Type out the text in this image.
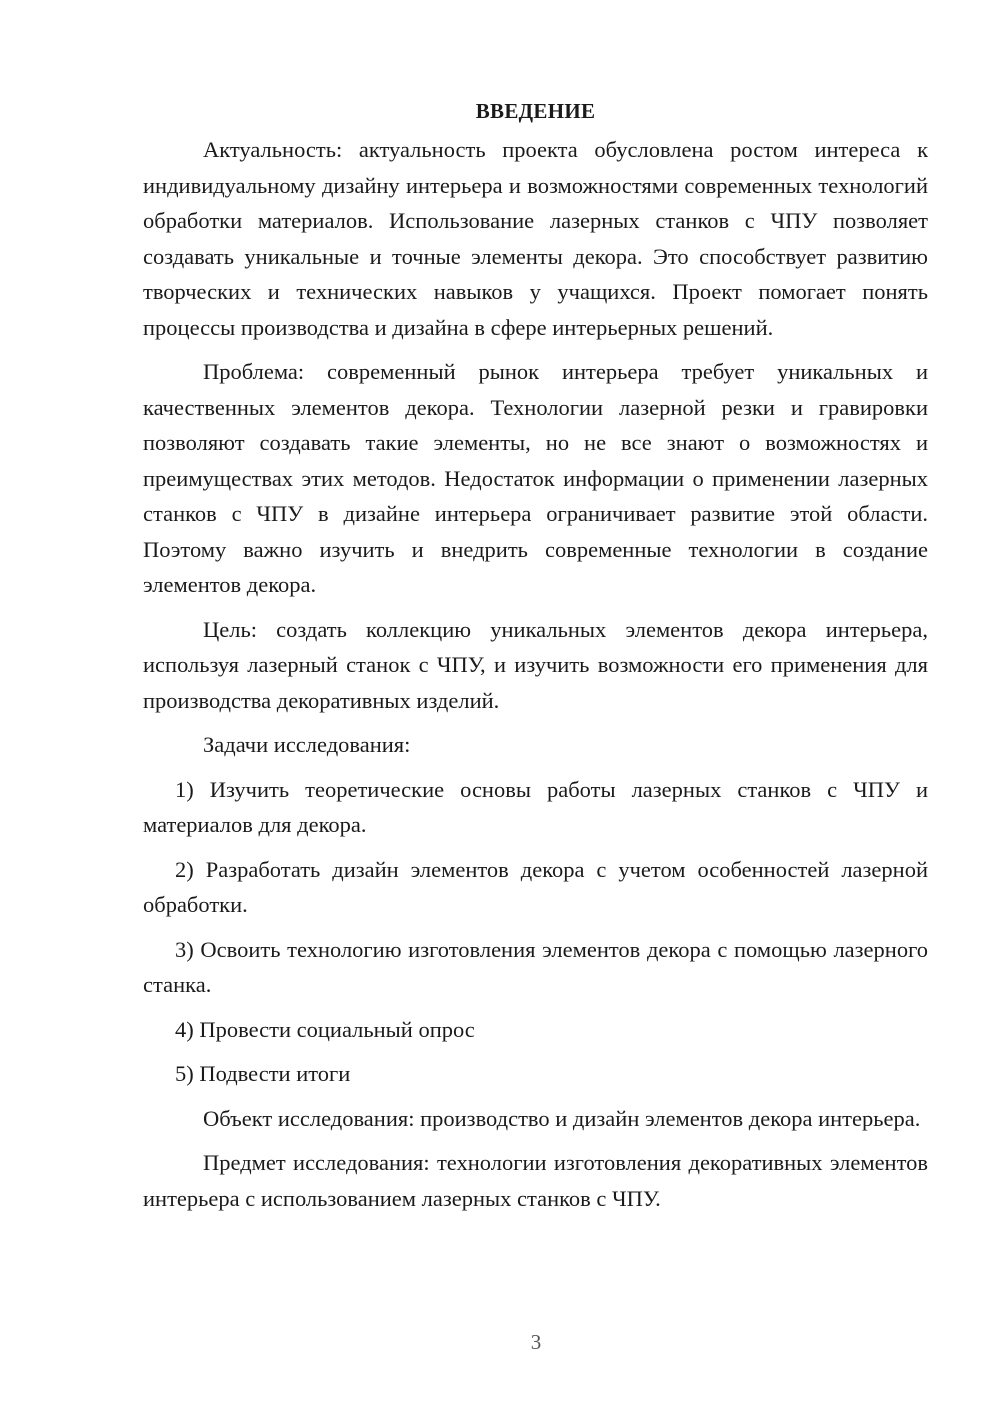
ВВЕДЕНИЕ

Актуальность: актуальность проекта обусловлена ростом интереса к индивидуальному дизайну интерьера и возможностями современных технологий обработки материалов. Использование лазерных станков с ЧПУ позволяет создавать уникальные и точные элементы декора. Это способствует развитию творческих и технических навыков у учащихся. Проект помогает понять процессы производства и дизайна в сфере интерьерных решений.

Проблема: современный рынок интерьера требует уникальных и качественных элементов декора. Технологии лазерной резки и гравировки позволяют создавать такие элементы, но не все знают о возможностях и преимуществах этих методов. Недостаток информации о применении лазерных станков с ЧПУ в дизайне интерьера ограничивает развитие этой области. Поэтому важно изучить и внедрить современные технологии в создание элементов декора.

Цель: создать коллекцию уникальных элементов декора интерьера, используя лазерный станок с ЧПУ, и изучить возможности его применения для производства декоративных изделий.

Задачи исследования:

1) Изучить теоретические основы работы лазерных станков с ЧПУ и материалов для декора.

2) Разработать дизайн элементов декора с учетом особенностей лазерной обработки.

3) Освоить технологию изготовления элементов декора с помощью лазерного станка.

4) Провести социальный опрос

5) Подвести итоги

Объект исследования: производство и дизайн элементов декора интерьера.

Предмет исследования: технологии изготовления декоративных элементов интерьера с использованием лазерных станков с ЧПУ.

3
